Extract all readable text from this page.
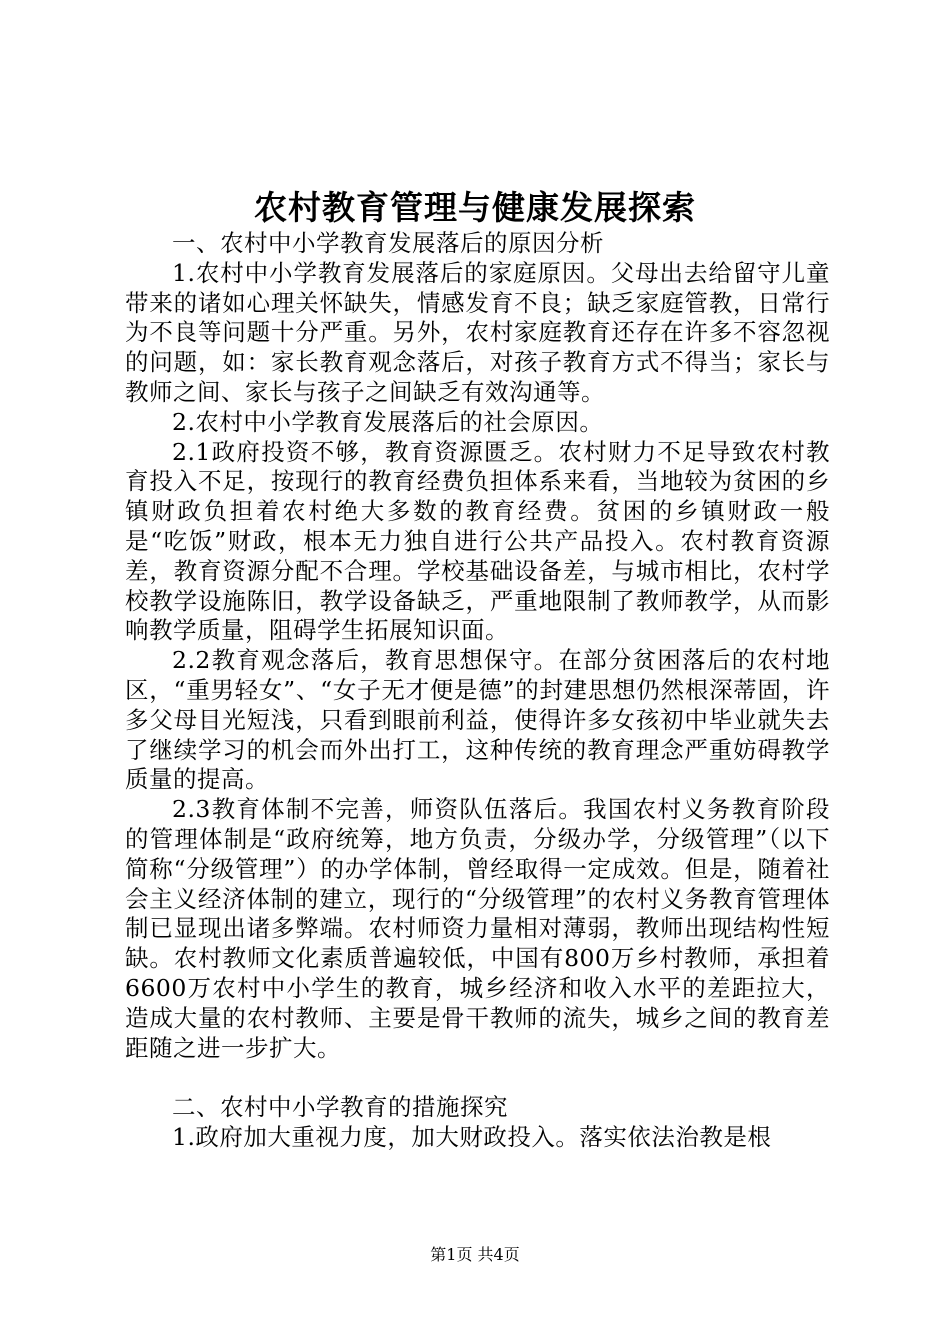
农村教育管理与健康发展探索

一、农村中小学教育发展落后的原因分析

1.农村中小学教育发展落后的家庭原因。父母出去给留守儿童带来的诸如心理关怀缺失，情感发育不良；缺乏家庭管教，日常行为不良等问题十分严重。另外，农村家庭教育还存在许多不容忽视的问题，如：家长教育观念落后，对孩子教育方式不得当；家长与教师之间、家长与孩子之间缺乏有效沟通等。

2.农村中小学教育发展落后的社会原因。

2.1政府投资不够，教育资源匮乏。农村财力不足导致农村教育投入不足，按现行的教育经费负担体系来看，当地较为贫困的乡镇财政负担着农村绝大多数的教育经费。贫困的乡镇财政一般是“吃饭”财政，根本无力独自进行公共产品投入。农村教育资源差，教育资源分配不合理。学校基础设备差，与城市相比，农村学校教学设施陈旧，教学设备缺乏，严重地限制了教师教学，从而影响教学质量，阻碍学生拓展知识面。

2.2教育观念落后，教育思想保守。在部分贫困落后的农村地区，“重男轻女”、“女子无才便是德”的封建思想仍然根深蒂固，许多父母目光短浅，只看到眼前利益，使得许多女孩初中毕业就失去了继续学习的机会而外出打工，这种传统的教育理念严重妨碍教学质量的提高。

2.3教育体制不完善，师资队伍落后。我国农村义务教育阶段的管理体制是“政府统筹，地方负责，分级办学，分级管理”（以下简称“分级管理”）的办学体制，曾经取得一定成效。但是，随着社会主义经济体制的建立，现行的“分级管理”的农村义务教育管理体制已显现出诸多弊端。农村师资力量相对薄弱，教师出现结构性短缺。农村教师文化素质普遍较低，中国有800万乡村教师，承担着6600万农村中小学生的教育，城乡经济和收入水平的差距拉大，造成大量的农村教师、主要是骨干教师的流失，城乡之间的教育差距随之进一步扩大。

二、农村中小学教育的措施探究

1.政府加大重视力度，加大财政投入。落实依法治教是根

第1页 共4页
